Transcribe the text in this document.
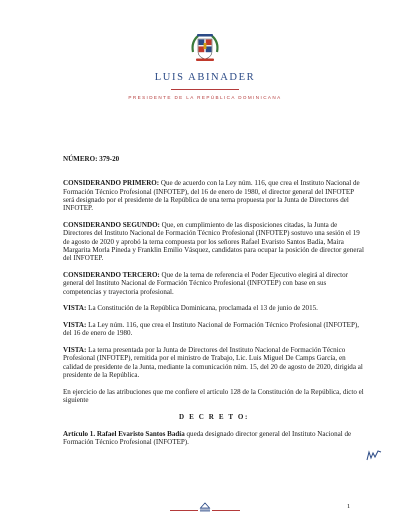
LUIS ABINADER
PRESIDENTE DE LA REPÚBLICA DOMINICANA

NÚMERO: 379-20

CONSIDERANDO PRIMERO: Que de acuerdo con la Ley núm. 116, que crea el Instituto Nacional de Formación Técnico Profesional (INFOTEP), del 16 de enero de 1980, el director general del INFOTEP será designado por el presidente de la República de una terna propuesta por la Junta de Directores del INFOTEP.

CONSIDERANDO SEGUNDO: Que, en cumplimiento de las disposiciones citadas, la Junta de Directores del Instituto Nacional de Formación Técnico Profesional (INFOTEP) sostuvo una sesión el 19 de agosto de 2020 y aprobó la terna compuesta por los señores Rafael Evaristo Santos Badía, Maira Margarita Morla Pineda y Franklin Emilio Vásquez, candidatos para ocupar la posición de director general del INFOTEP.

CONSIDERANDO TERCERO: Que de la terna de referencia el Poder Ejecutivo elegirá al director general del Instituto Nacional de Formación Técnico Profesional (INFOTEP) con base en sus competencias y trayectoria profesional.

VISTA: La Constitución de la República Dominicana, proclamada el 13 de junio de 2015.

VISTA: La Ley núm. 116, que crea el Instituto Nacional de Formación Técnico Profesional (INFOTEP), del 16 de enero de 1980.

VISTA: La terna presentada por la Junta de Directores del Instituto Nacional de Formación Técnico Profesional (INFOTEP), remitida por el ministro de Trabajo, Lic. Luis Miguel De Camps García, en calidad de presidente de la Junta, mediante la comunicación núm. 15, del 20 de agosto de 2020, dirigida al presidente de la República.

En ejercicio de las atribuciones que me confiere el artículo 128 de la Constitución de la República, dicto el siguiente

D E C R E T O:

Artículo 1. Rafael Evaristo Santos Badía queda designado director general del Instituto Nacional de Formación Técnico Profesional (INFOTEP).

1
